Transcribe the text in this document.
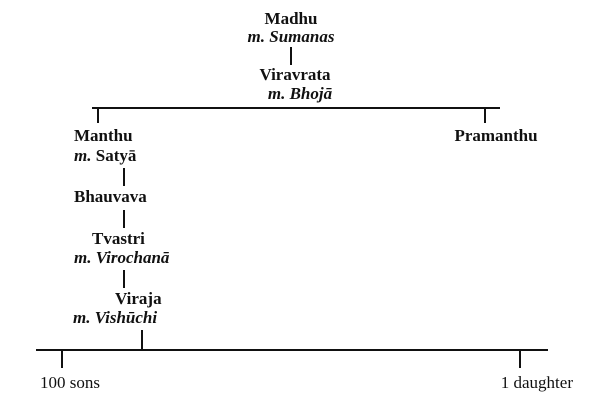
Madhu
m. Sumanas
Viravrata
m. Bhojā
Pramanthu
Manthu
m. Satyā
Bhauvava
Tvastri
m. Virochanā
Viraja
m. Vishūchi
100 sons	1 daughter
